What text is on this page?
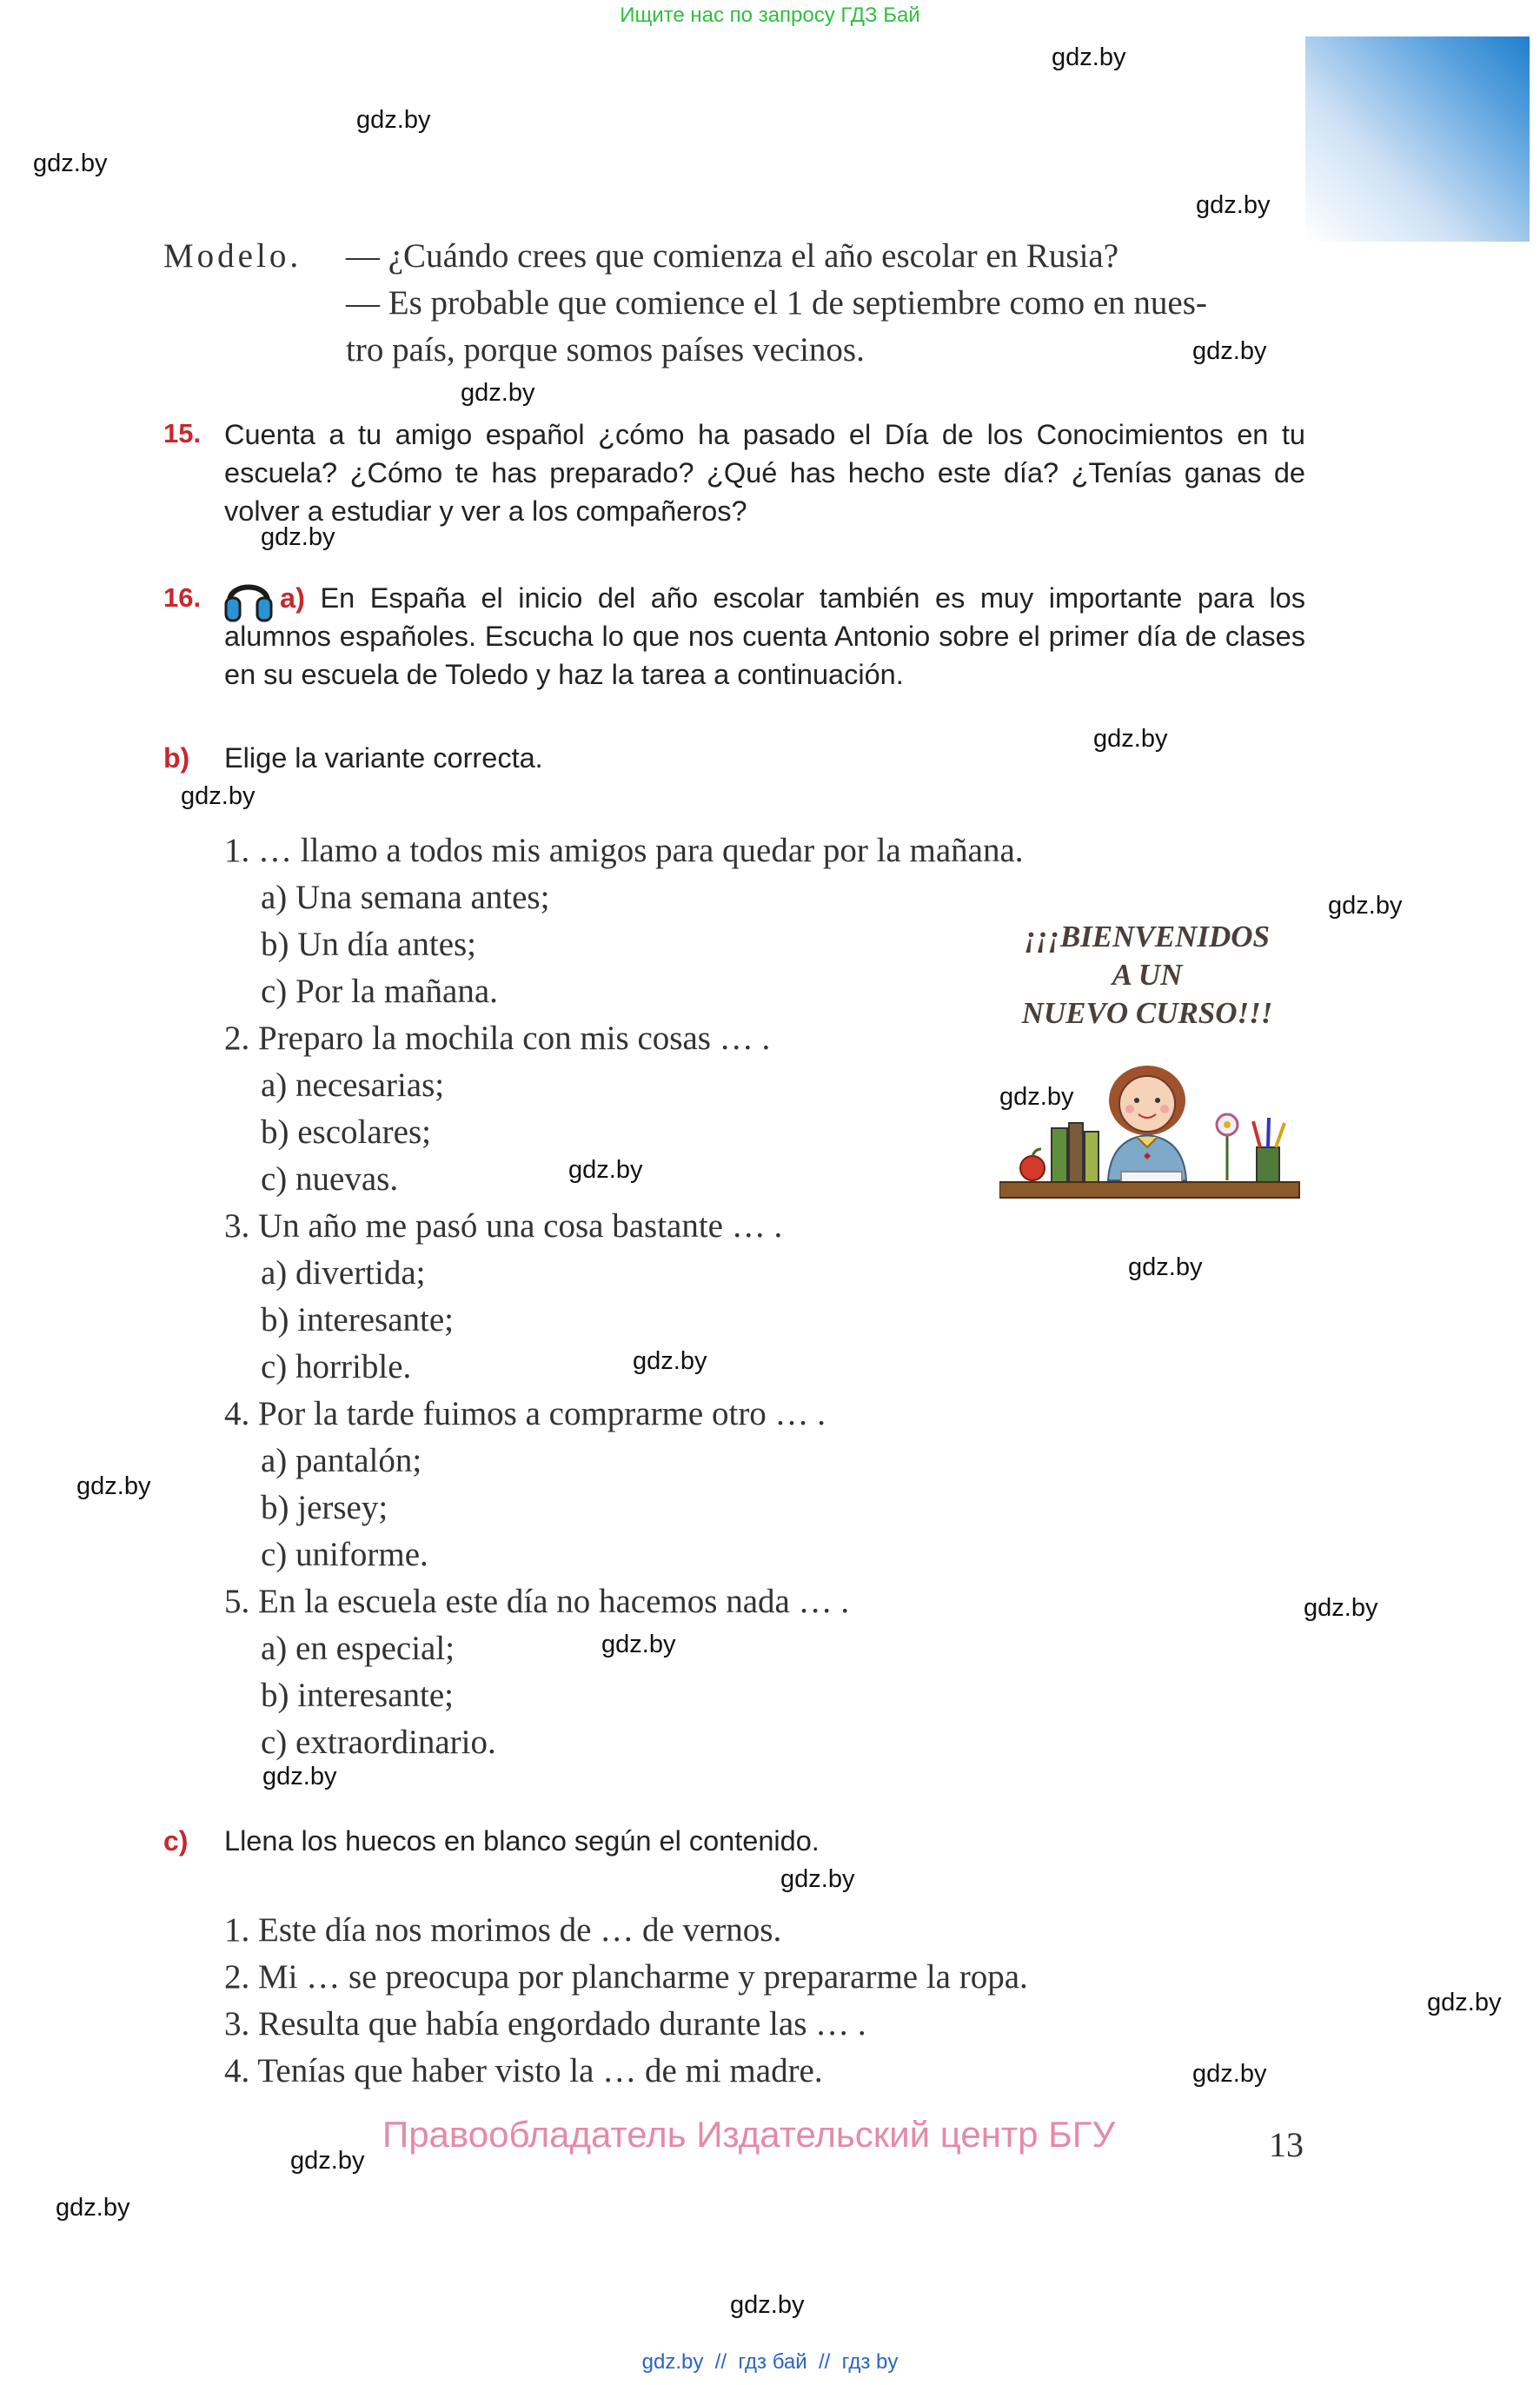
Ищите нас по запросу ГДЗ Бай
gdz.by
gdz.by
gdz.by
gdz.by
gdz.by
gdz.by
gdz.by
gdz.by
gdz.by
gdz.by
gdz.by
gdz.by
gdz.by
gdz.by
gdz.by
gdz.by
gdz.by
gdz.by
gdz.by
gdz.by
gdz.by
gdz.by
gdz.by
gdz.by
Modelo. — ¿Cuándo crees que comienza el año escolar en Rusia?
— Es probable que comience el 1 de septiembre como en nues-
tro país, porque somos países vecinos.
15. Cuenta a tu amigo español ¿cómo ha pasado el Día de los Conocimientos en tu escuela? ¿Cómo te has preparado? ¿Qué has hecho este día? ¿Tenías ganas de volver a estudiar y ver a los compañeros?
16.	a) En España el inicio del año escolar también es muy importante para los alumnos españoles. Escucha lo que nos cuenta Antonio sobre el primer día de clases en su escuela de Toledo y haz la tarea a continuación.
b) Elige la variante correcta.
1. … llamo a todos mis amigos para quedar por la mañana.
a) Una semana antes;
b) Un día antes;
c) Por la mañana.
2. Preparo la mochila con mis cosas … .
a) necesarias;
b) escolares;
c) nuevas.
3. Un año me pasó una cosa bastante … .
a) divertida;
b) interesante;
c) horrible.
4. Por la tarde fuimos a comprarme otro … .
a) pantalón;
b) jersey;
c) uniforme.
5. En la escuela este día no hacemos nada … .
a) en especial;
b) interesante;
c) extraordinario.
¡¡¡BIENVENIDOS
A UN
NUEVO CURSO!!!
c) Llena los huecos en blanco según el contenido.
1. Este día nos morimos de … de vernos.
2. Mi … se preocupa por plancharme y prepararme la ropa.
3. Resulta que había engordado durante las … .
4. Tenías que haber visto la … de mi madre.
Правообладатель Издательский центр БГУ	13
gdz.by  //  гдз бай  //  гдз by
